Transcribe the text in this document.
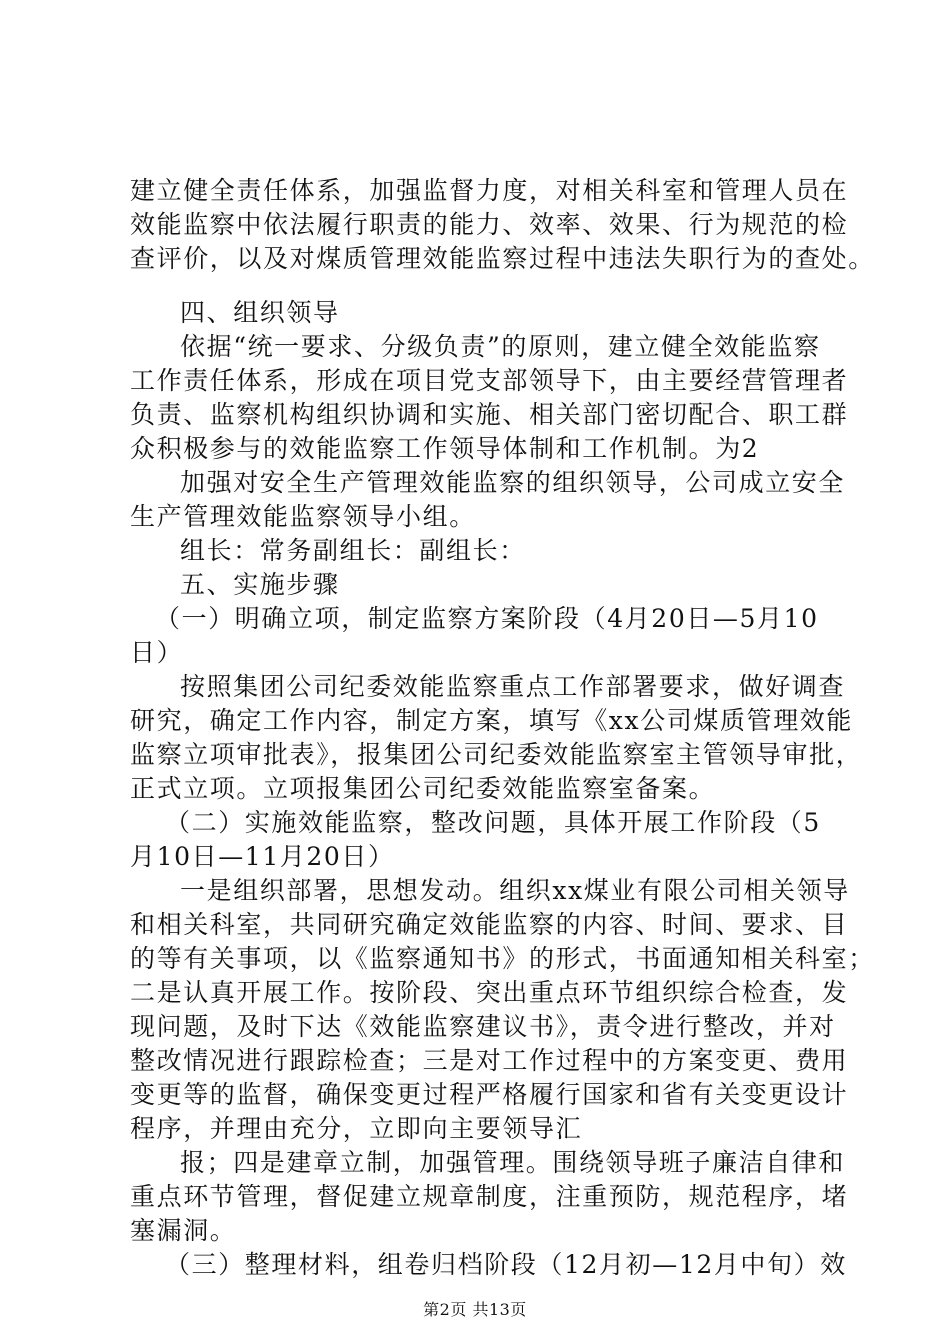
建立健全责任体系，加强监督力度，对相关科室和管理人员在
效能监察中依法履行职责的能力、效率、效果、行为规范的检
查评价，以及对煤质管理效能监察过程中违法失职行为的查处。
四、组织领导
依据“统一要求、分级负责”的原则，建立健全效能监察
工作责任体系，形成在项目党支部领导下，由主要经营管理者
负责、监察机构组织协调和实施、相关部门密切配合、职工群
众积极参与的效能监察工作领导体制和工作机制。为2
加强对安全生产管理效能监察的组织领导，公司成立安全
生产管理效能监察领导小组。
组长：常务副组长：副组长：
五、实施步骤
（一）明确立项，制定监察方案阶段（4月20日—5月10
日）
按照集团公司纪委效能监察重点工作部署要求，做好调查
研究，确定工作内容，制定方案，填写《xx公司煤质管理效能
监察立项审批表》，报集团公司纪委效能监察室主管领导审批，
正式立项。立项报集团公司纪委效能监察室备案。
（二）实施效能监察，整改问题，具体开展工作阶段（5
月10日—11月20日）
一是组织部署，思想发动。组织xx煤业有限公司相关领导
和相关科室，共同研究确定效能监察的内容、时间、要求、目
的等有关事项，以《监察通知书》的形式，书面通知相关科室；
二是认真开展工作。按阶段、突出重点环节组织综合检查，发
现问题，及时下达《效能监察建议书》，责令进行整改，并对
整改情况进行跟踪检查；三是对工作过程中的方案变更、费用
变更等的监督，确保变更过程严格履行国家和省有关变更设计
程序，并理由充分，立即向主要领导汇
报；四是建章立制，加强管理。围绕领导班子廉洁自律和
重点环节管理，督促建立规章制度，注重预防，规范程序，堵
塞漏洞。
（三）整理材料，组卷归档阶段（12月初—12月中旬）效
第2页 共13页
